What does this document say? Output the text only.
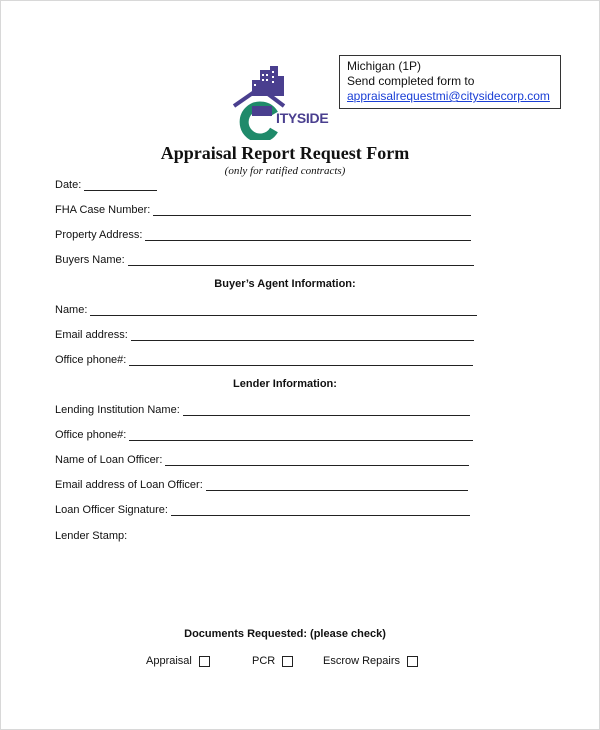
ITYSIDE
Michigan (1P)
Send completed form to
appraisalrequestmi@citysidecorp.com
Appraisal Report Request Form
(only for ratified contracts)
Date:
FHA Case Number:
Property Address:
Buyers Name:
Buyer’s Agent Information:
Name:
Email address:
Office phone#:
Lender Information:
Lending Institution Name:
Office phone#:
Name of Loan Officer:
Email address of Loan Officer:
Loan Officer Signature:
Lender Stamp:
Documents Requested: (please check)
Appraisal	PCR	Escrow Repairs
